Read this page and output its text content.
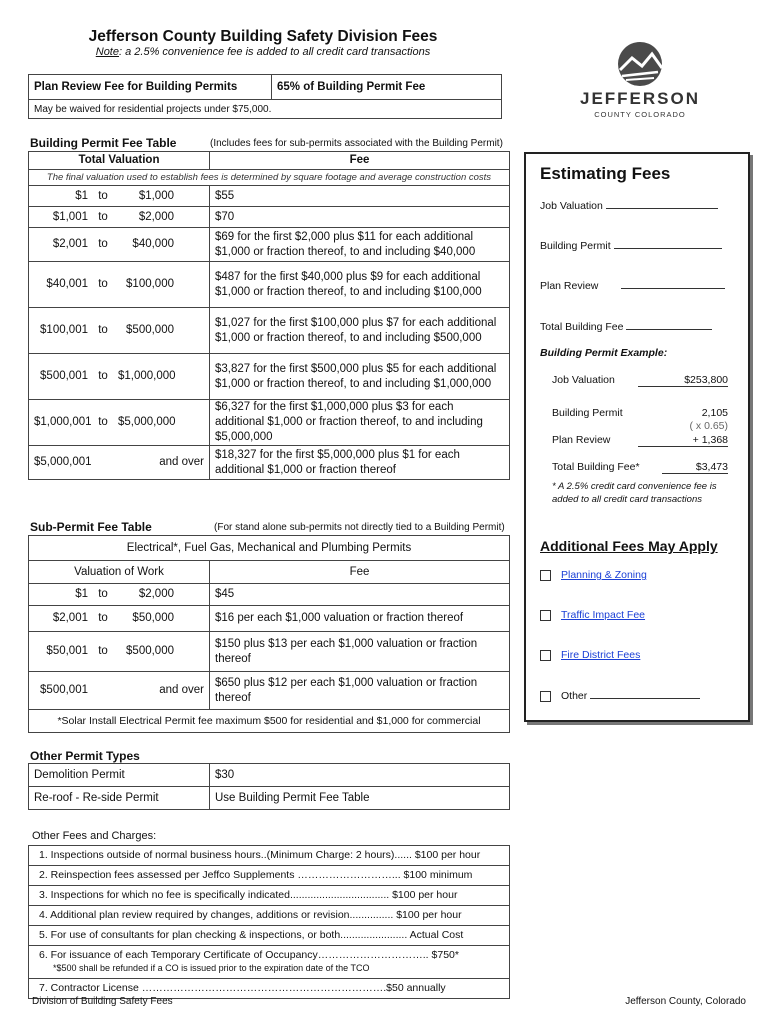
Jefferson County Building Safety Division Fees
Note: a 2.5% convenience fee is added to all credit card transactions
Plan Review Fee for Building Permits	65% of Building Permit Fee
May be waived for residential projects under $75,000.
Building Permit Fee Table	(Includes fees for sub-permits associated with the Building Permit)
Total Valuation	Fee
The final valuation used to establish fees is determined by square footage and average construction costs	
$1 to $1,000	$55
$1,001 to $2,000	$70
$2,001 to $40,000	$69 for the first $2,000 plus $11 for each additional $1,000 or fraction thereof, to and including $40,000
$40,001 to $100,000	$487 for the first $40,000 plus $9 for each additional $1,000 or fraction thereof, to and including $100,000
$100,001 to $500,000	$1,027 for the first $100,000 plus $7 for each additional $1,000 or fraction thereof, to and including $500,000
$500,001 to $1,000,000	$3,827 for the first $500,000 plus $5 for each additional $1,000 or fraction thereof, to and including $1,000,000
$1,000,001 to $5,000,000	$6,327 for the first $1,000,000 plus $3 for each additional $1,000 or fraction thereof, to and including $5,000,000
$5,000,001 and over	$18,327 for the first $5,000,000 plus $1 for each additional $1,000 or fraction thereof
Sub-Permit Fee Table	(For stand alone sub-permits not directly tied to a Building Permit)
Electrical*, Fuel Gas, Mechanical and Plumbing Permits	
Valuation of Work	Fee
$1 to $2,000	$45
$2,001 to $50,000	$16 per each $1,000 valuation or fraction thereof
$50,001 to $500,000	$150 plus $13 per each $1,000 valuation or fraction thereof
$500,001 and over	$650 plus $12 per each $1,000 valuation or fraction thereof
*Solar Install Electrical Permit fee maximum $500 for residential and $1,000 for commercial	
Other Permit Types
Demolition Permit	$30
Re-roof - Re-side Permit	Use Building Permit Fee Table
Other Fees and Charges:
1. Inspections outside of normal business hours..(Minimum Charge: 2 hours)...... $100 per hour
2. Reinspection fees assessed per Jeffco Supplements ………………………... $100 minimum
3. Inspections for which no fee is specifically indicated.................................. $100 per hour
4. Additional plan review required by changes, additions or revision............... $100 per hour
5. For use of consultants for plan checking & inspections, or both....................... Actual Cost

6. For issuance of each Temporary Certificate of Occupancy………………………….. $750*
*$500 shall be refunded if a CO is issued prior to the expiration date of the TCO

7. Contractor License …………………………………………………………….$50 annually
JEFFERSON
COUNTY COLORADO
Estimating Fees
Job Valuation
Building Permit
Plan Review
Total Building Fee
Building Permit Example:
Job Valuation	$253,800
Building Permit	2,105
( x 0.65)
Plan Review	+ 1,368
Total Building Fee*	$3,473
* A 2.5% credit card convenience fee is added to all credit card transactions
Additional Fees May Apply
Planning & Zoning
Traffic Impact Fee
Fire District Fees
Other
Division of Building Safety Fees	Jefferson County, Colorado
